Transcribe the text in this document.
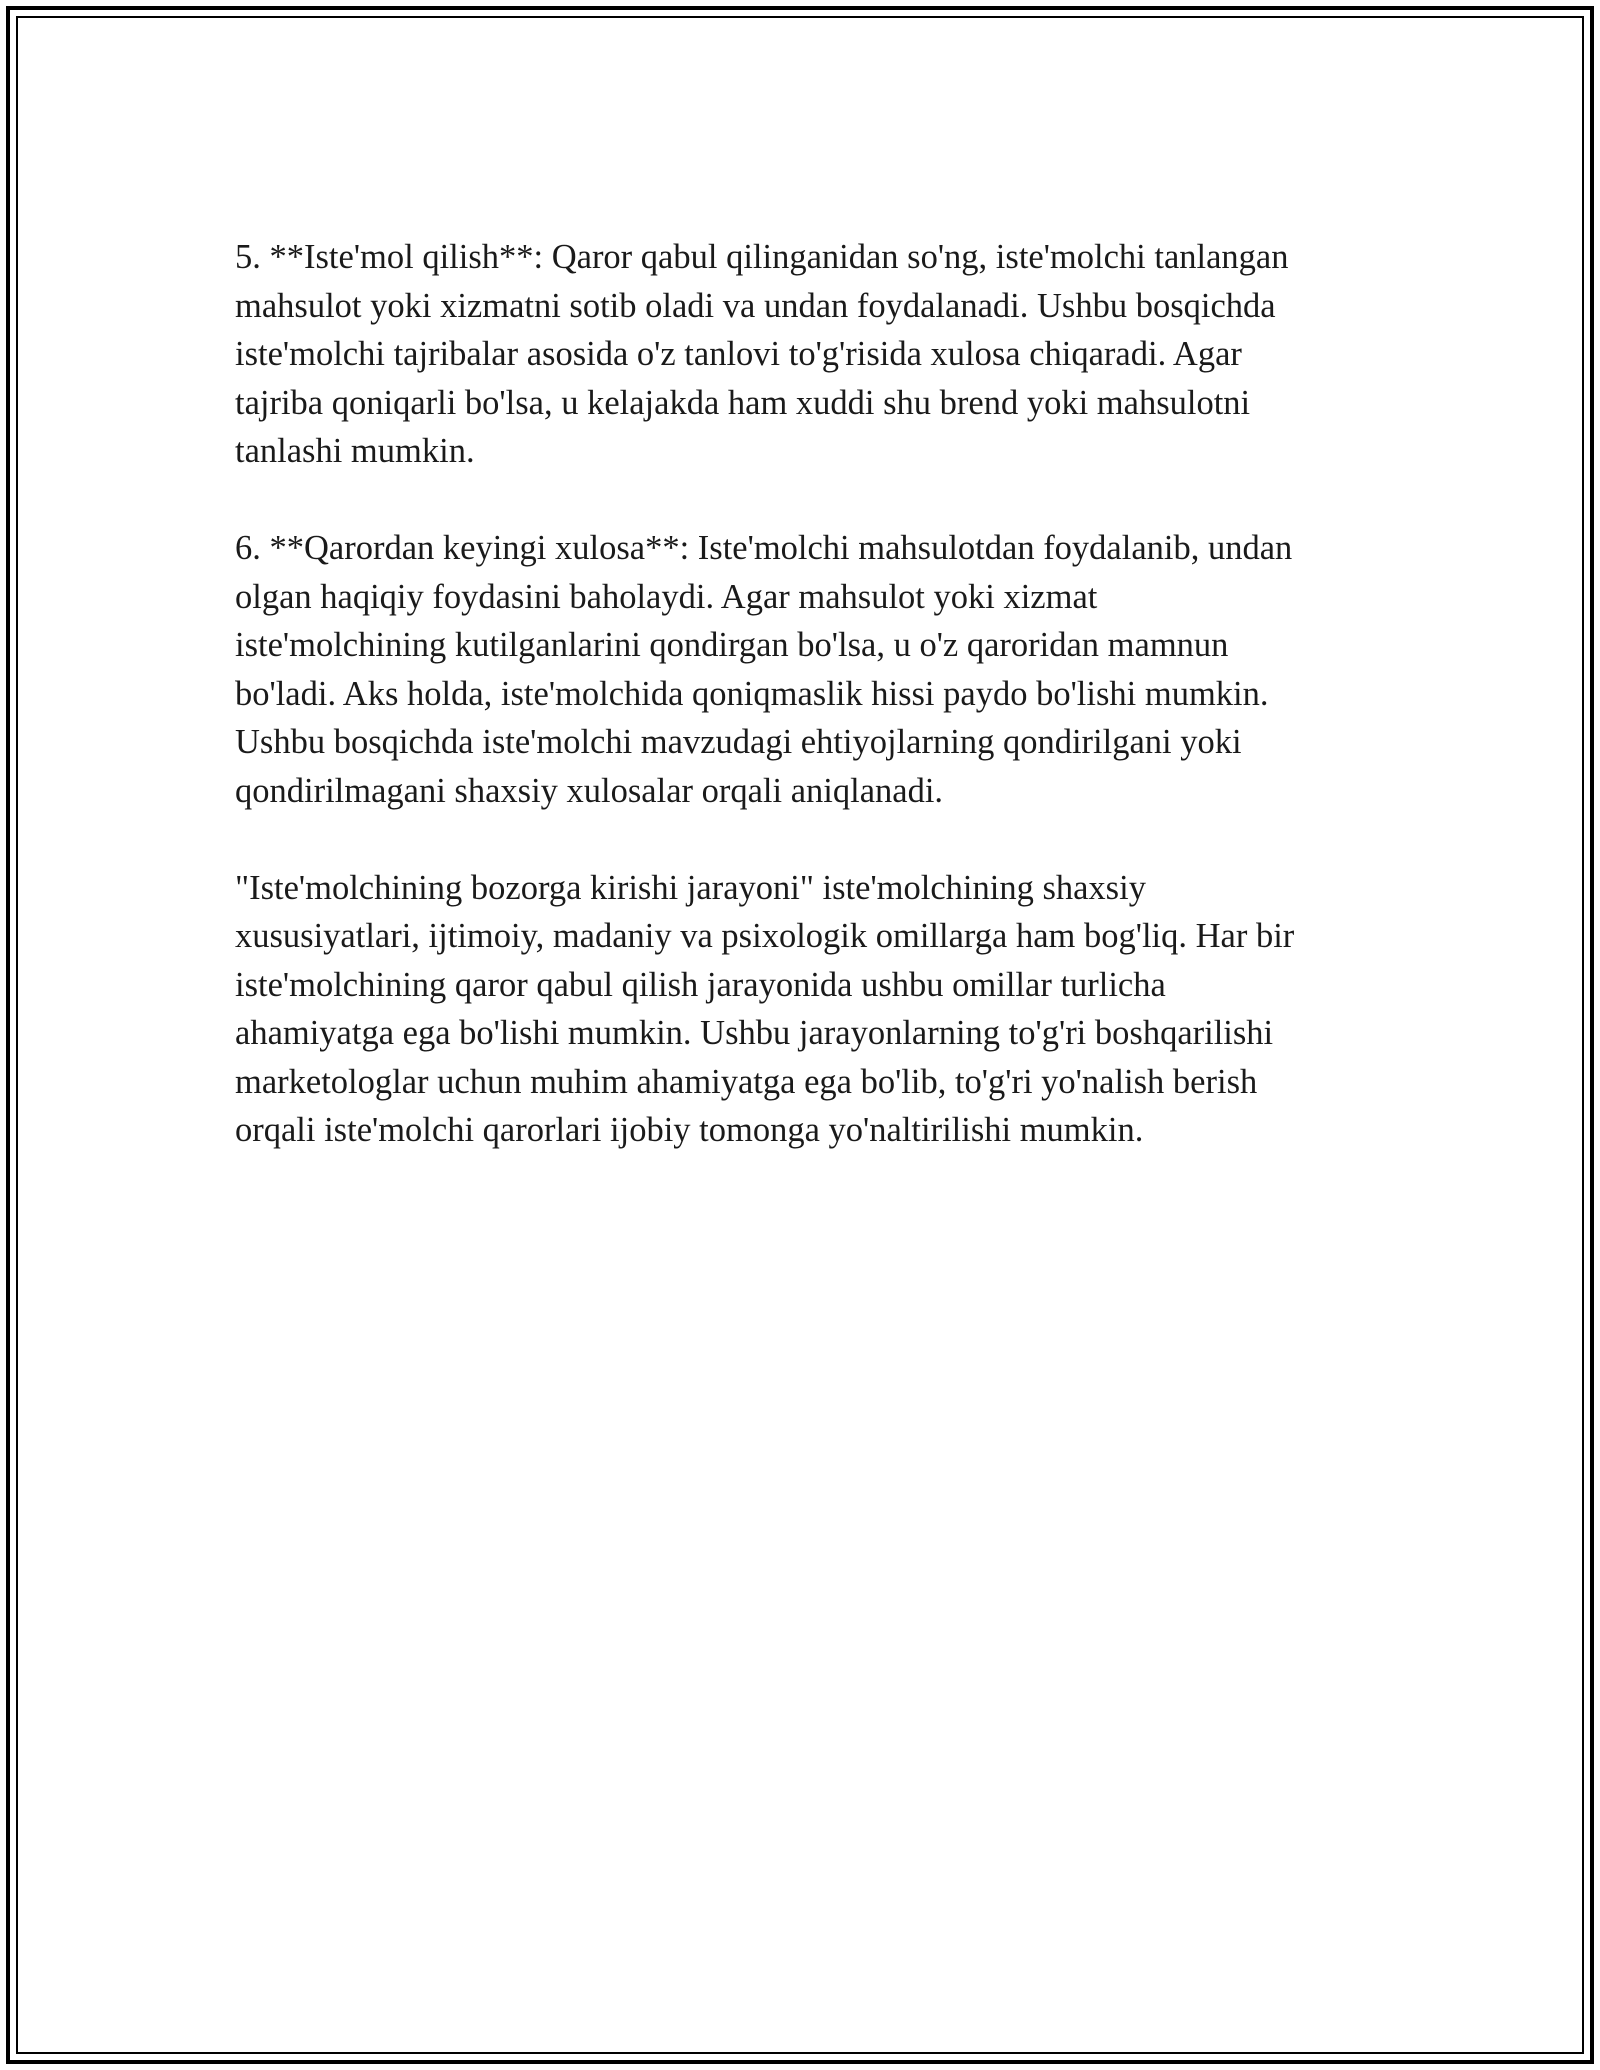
5. **Iste'mol qilish**: Qaror qabul qilinganidan so'ng, iste'molchi tanlangan
mahsulot yoki xizmatni sotib oladi va undan foydalanadi. Ushbu bosqichda
iste'molchi tajribalar asosida o'z tanlovi to'g'risida xulosa chiqaradi. Agar
tajriba qoniqarli bo'lsa, u kelajakda ham xuddi shu brend yoki mahsulotni
tanlashi mumkin.

6. **Qarordan keyingi xulosa**: Iste'molchi mahsulotdan foydalanib, undan
olgan haqiqiy foydasini baholaydi. Agar mahsulot yoki xizmat
iste'molchining kutilganlarini qondirgan bo'lsa, u o'z qaroridan mamnun
bo'ladi. Aks holda, iste'molchida qoniqmaslik hissi paydo bo'lishi mumkin.
Ushbu bosqichda iste'molchi mavzudagi ehtiyojlarning qondirilgani yoki
qondirilmagani shaxsiy xulosalar orqali aniqlanadi.

"Iste'molchining bozorga kirishi jarayoni" iste'molchining shaxsiy
xususiyatlari, ijtimoiy, madaniy va psixologik omillarga ham bog'liq. Har bir
iste'molchining qaror qabul qilish jarayonida ushbu omillar turlicha
ahamiyatga ega bo'lishi mumkin. Ushbu jarayonlarning to'g'ri boshqarilishi
marketologlar uchun muhim ahamiyatga ega bo'lib, to'g'ri yo'nalish berish
orqali iste'molchi qarorlari ijobiy tomonga yo'naltirilishi mumkin.
